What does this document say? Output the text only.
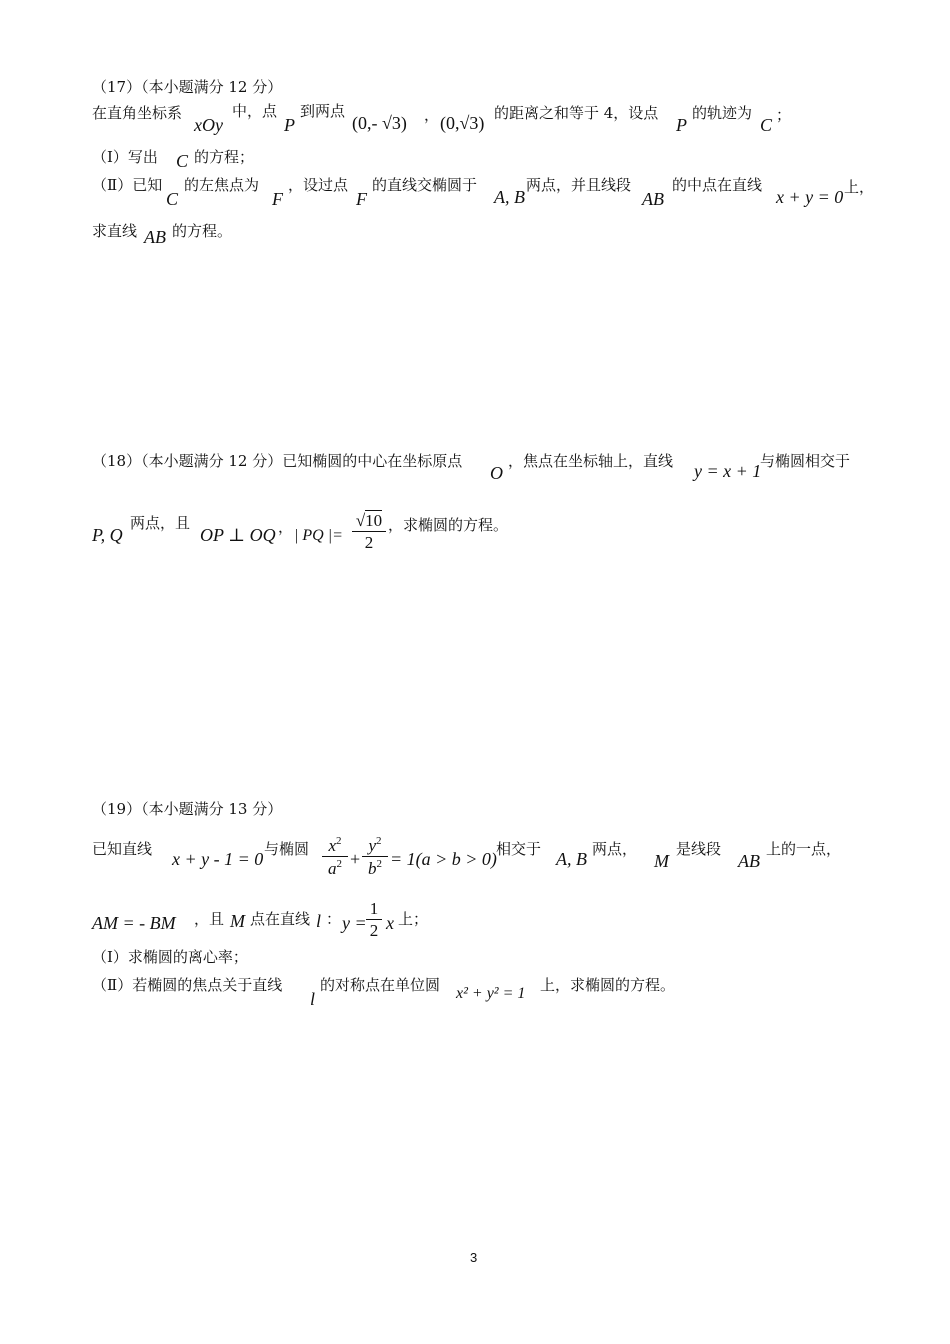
（17）（本小题满分 12 分）
在直角坐标系
xOy
中，点
P
到两点
(0,- √3) ， (0,√3) 的距离之和等于 4，设点
P
的轨迹为
C ；
（Ⅰ）写出 C 的方程；
（Ⅱ）已知
C
的左焦点为
F
，设过点
F
的直线交椭圆于
A, B
两点，并且线段
AB
的中点在直线
x + y = 0 上，
求直线 AB 的方程。
（18）（本小题满分 12 分）已知椭圆的中心在坐标原点
O
，焦点在坐标轴上，直线 y = x + 1
与椭圆相交于
P, Q
两点，且
OP ⊥ OQ ， | PQ |=
√10
2
，求椭圆的方程。
（19）（本小题满分 13 分）
已知直线 x + y - 1 = 0 与椭圆	$x^2$
$a^2$ +
$y^2$
$b^2 = 1(a > b > 0)$ 相交于 A, B 两点，
M
是线段
AB
上的一点，
AM = - BM ，且 M 点在直线 l ： y =
1
2 x 上；
（Ⅰ）求椭圆的离心率；
（Ⅱ）若椭圆的焦点关于直线
l
的对称点在单位圆 x² + y² = 1 上，求椭圆的方程。
3
